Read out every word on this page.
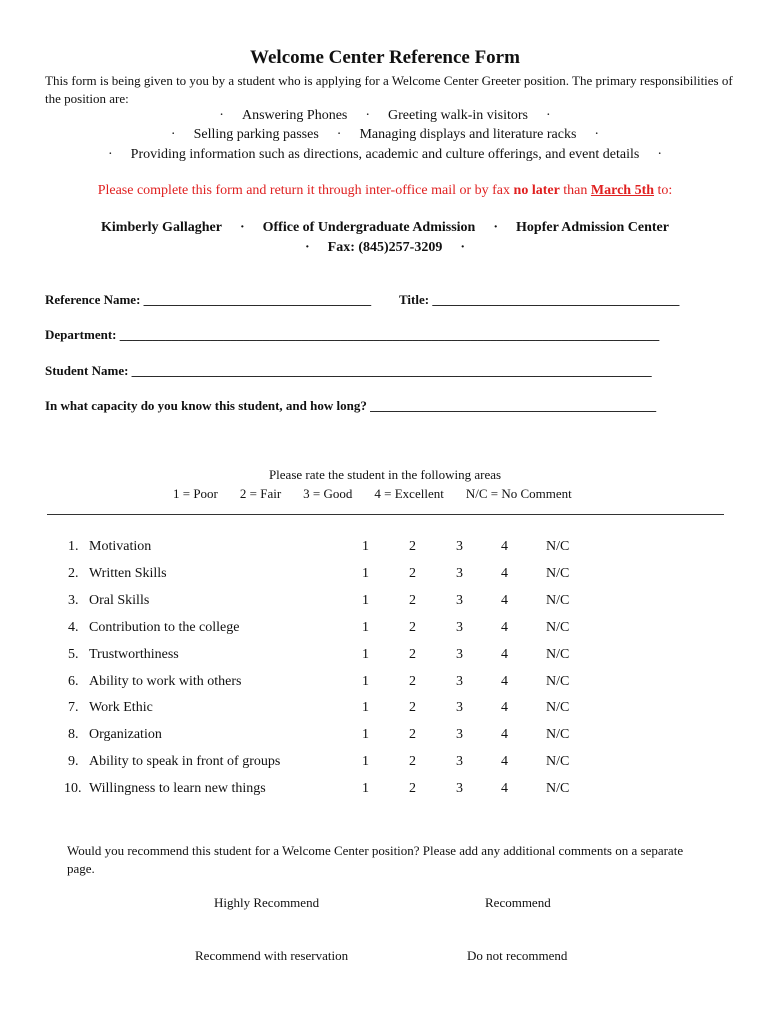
Welcome Center Reference Form
This form is being given to you by a student who is applying for a Welcome Center Greeter position. The primary responsibilities of the position are:
· Answering Phones · Greeting walk-in visitors ·
· Selling parking passes · Managing displays and literature racks ·
· Providing information such as directions, academic and culture offerings, and event details ·
Please complete this form and return it through inter-office mail or by fax no later than March 5th to:
Kimberly Gallagher · Office of Undergraduate Admission · Hopfer Admission Center
· Fax: (845)257-3209 ·
Reference Name: ___________________________________ Title: ______________________________________
Department: ___________________________________________________________________________________
Student Name: ________________________________________________________________________________
In what capacity do you know this student, and how long? ____________________________________________
Please rate the student in the following areas
1 = Poor 2 = Fair 3 = Good 4 = Excellent N/C = No Comment
1. Motivation	1	2	3	4	N/C
2. Written Skills	1	2	3	4	N/C
3. Oral Skills	1	2	3	4	N/C
4. Contribution to the college	1	2	3	4	N/C
5. Trustworthiness	1	2	3	4	N/C
6. Ability to work with others	1	2	3	4	N/C
7. Work Ethic	1	2	3	4	N/C
8. Organization	1	2	3	4	N/C
9. Ability to speak in front of groups	1	2	3	4	N/C
10. Willingness to learn new things	1	2	3	4	N/C
Would you recommend this student for a Welcome Center position? Please add any additional comments on a separate page.
Highly Recommend	Recommend
Recommend with reservation	Do not recommend
